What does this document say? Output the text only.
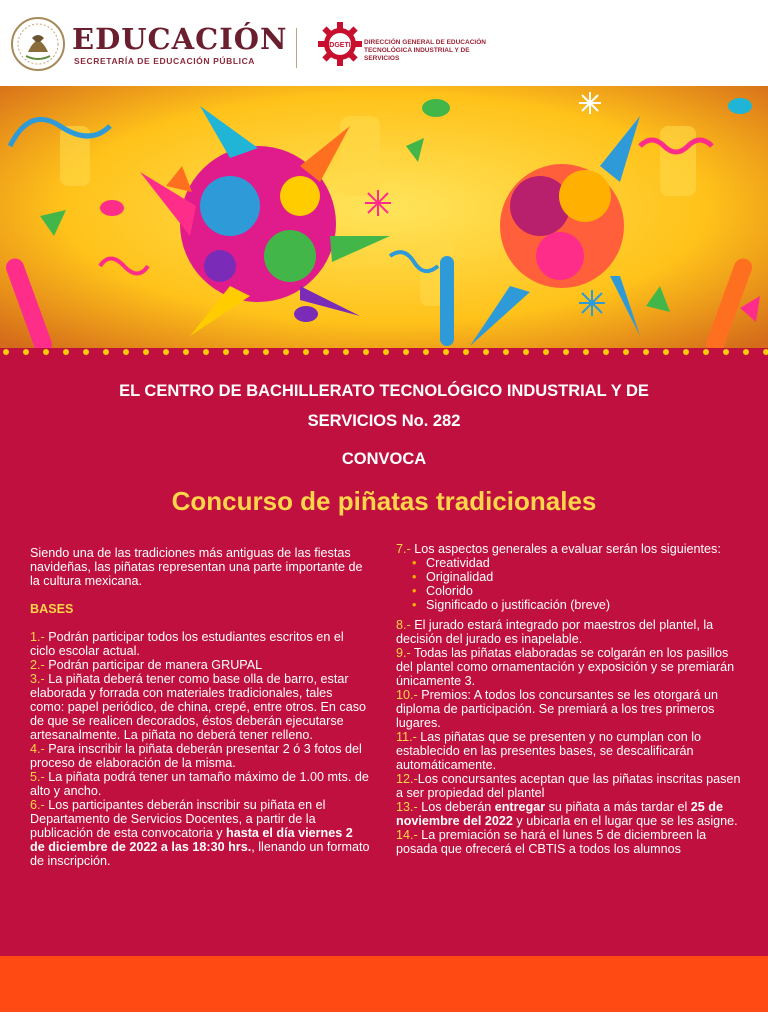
EDUCACIÓN
SECRETARÍA DE EDUCACIÓN PÚBLICA
DGETI DIRECCIÓN GENERAL DE EDUCACIÓN TECNOLÓGICA INDUSTRIAL Y DE SERVICIOS
EL CENTRO DE BACHILLERATO TECNOLÓGICO INDUSTRIAL Y DE
SERVICIOS No. 282
CONVOCA
Concurso de piñatas tradicionales

Siendo una de las tradiciones más antiguas de las fiestas navideñas, las piñatas representan una parte importante de la cultura mexicana.

BASES

1.- Podrán participar todos los estudiantes escritos en el ciclo escolar actual.

2.- Podrán participar de manera GRUPAL

3.- La piñata deberá tener como base olla de barro, estar elaborada y forrada con materiales tradicionales, tales como: papel periódico, de china, crepé, entre otros. En caso de que se realicen decorados, éstos deberán ejecutarse artesanalmente. La piñata no deberá tener relleno.

4.- Para inscribir la piñata deberán presentar 2 ó 3 fotos del proceso de elaboración de la misma.

5.- La piñata podrá tener un tamaño máximo de 1.00 mts. de alto y ancho.

6.- Los participantes deberán inscribir su piñata en el Departamento de Servicios Docentes, a partir de la publicación de esta convocatoria y hasta el día viernes 2 de diciembre de 2022 a las 18:30 hrs., llenando un formato de inscripción.

7.- Los aspectos generales a evaluar serán los siguientes:

• Creatividad
• Originalidad
• Colorido
• Significado o justificación (breve)

8.- El jurado estará integrado por maestros del plantel, la decisión del jurado es inapelable.

9.- Todas las piñatas elaboradas se colgarán en los pasillos del plantel como ornamentación y exposición y se premiarán únicamente 3.

10.- Premios: A todos los concursantes se les otorgará un diploma de participación. Se premiará a los tres primeros lugares.

11.- Las piñatas que se presenten y no cumplan con lo establecido en las presentes bases, se descalificarán automáticamente.

12.-Los concursantes aceptan que las piñatas inscritas pasen a ser propiedad del plantel

13.- Los deberán entregar su piñata a más tardar el 25 de noviembre del 2022 y ubicarla en el lugar que se les asigne.

14.- La premiación se hará el lunes 5 de diciembreen la posada que ofrecerá el CBTIS a todos los alumnos
